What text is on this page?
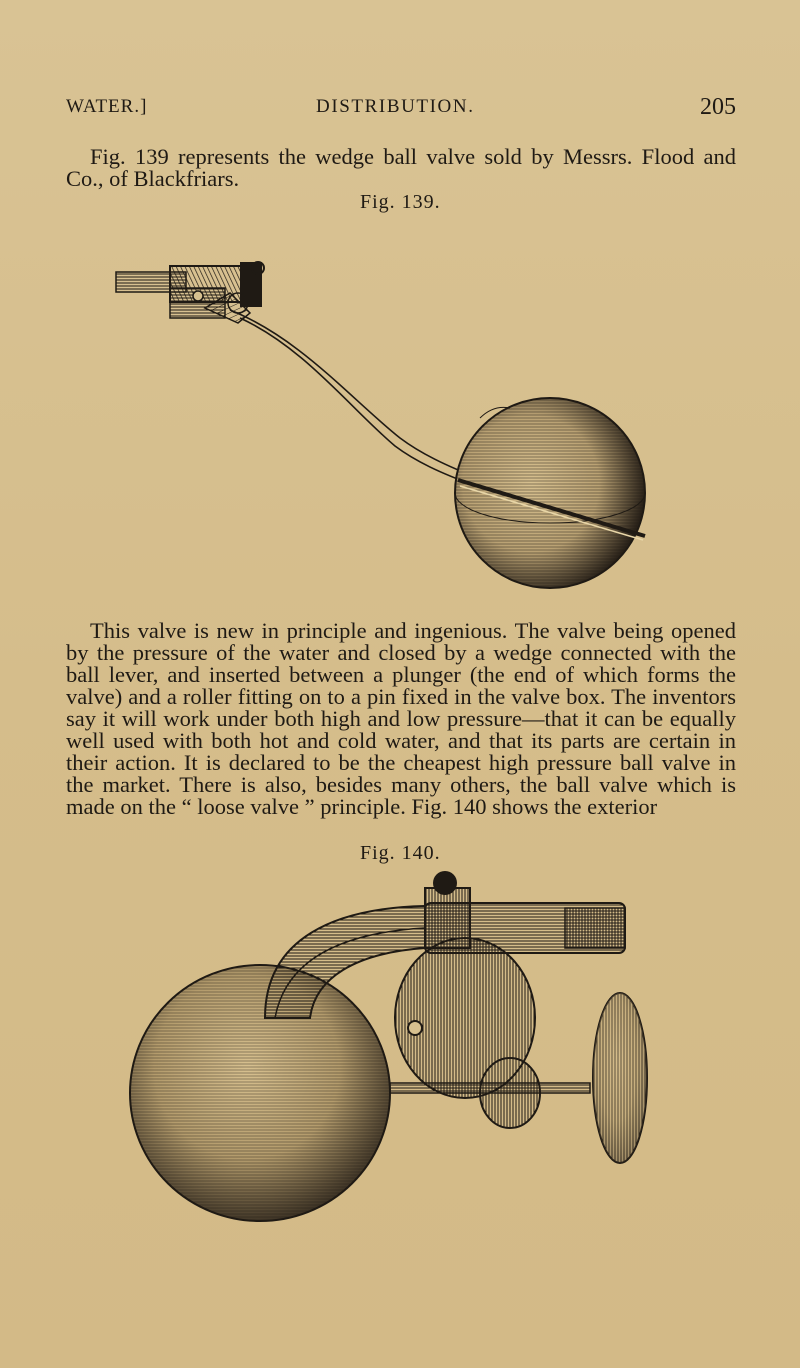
WATER.]	DISTRIBUTION.	205

Fig. 139 represents the wedge ball valve sold by Messrs. Flood and Co., of Blackfriars.

Fig. 139.

This valve is new in principle and ingenious. The valve being opened by the pressure of the water and closed by a wedge connected with the ball lever, and inserted between a plunger (the end of which forms the valve) and a roller fitting on to a pin fixed in the valve box. The inventors say it will work under both high and low pressure—that it can be equally well used with both hot and cold water, and that its parts are certain in their action. It is declared to be the cheapest high pressure ball valve in the market. There is also, besides many others, the ball valve which is made on the “ loose valve ” principle. Fig. 140 shows the exterior

Fig. 140.
